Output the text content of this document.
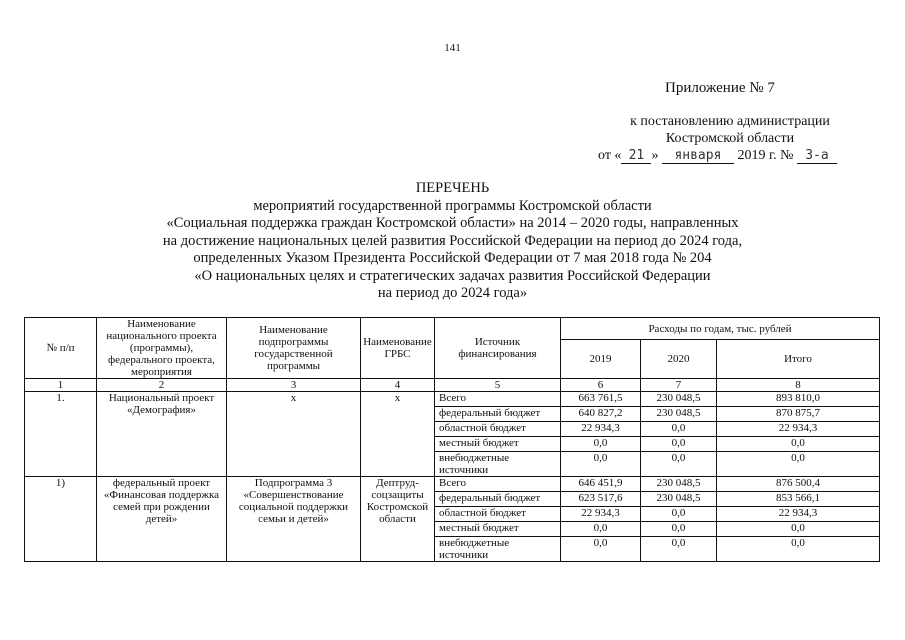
141
Приложение № 7
к постановлению администрации
Костромской области
от « 21 » января 2019 г. № 3-а
ПЕРЕЧЕНЬ
мероприятий государственной программы Костромской области
«Социальная поддержка граждан Костромской области» на 2014 – 2020 годы, направленных
на достижение национальных целей развития Российской Федерации на период до 2024 года,
определенных Указом Президента Российской Федерации от 7 мая 2018 года № 204
«О национальных целях и стратегических задачах развития Российской Федерации
на период до 2024 года»
№ п/п	Наименование национального проекта (программы), федерального проекта, мероприятия	Наименование подпрограммы государственной программы	Наименование ГРБС	Источник финансирования	Расходы по годам, тыс. рублей		
					2019	2020	Итого
1	2	3	4	5	6	7	8
1.	Национальный проект «Демография»	х	х	Всего	663 761,5	230 048,5	893 810,0
				федеральный бюджет	640 827,2	230 048,5	870 875,7
				областной бюджет	22 934,3	0,0	22 934,3
				местный бюджет	0,0	0,0	0,0
				внебюджетные источники	0,0	0,0	0,0
1)	федеральный проект «Финансовая поддержка семей при рождении детей»	Подпрограмма 3 «Совершенствование социальной поддержки семьи и детей»	Дептруд-соцзащиты Костромской области	Всего	646 451,9	230 048,5	876 500,4
				федеральный бюджет	623 517,6	230 048,5	853 566,1
				областной бюджет	22 934,3	0,0	22 934,3
				местный бюджет	0,0	0,0	0,0
				внебюджетные источники	0,0	0,0	0,0
